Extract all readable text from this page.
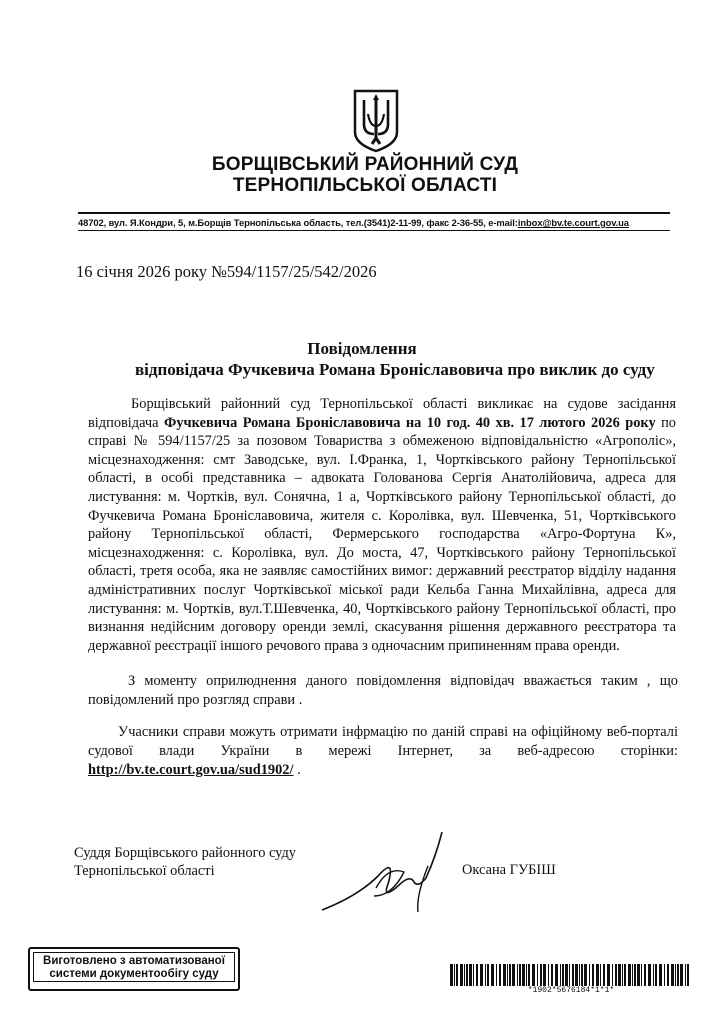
БОРЩІВСЬКИЙ РАЙОННИЙ СУД
ТЕРНОПІЛЬСЬКОЇ ОБЛАСТІ
48702, вул. Я.Кондри, 5, м.Борщів Тернопільська область, тел.(3541)2-11-99, факс 2-36-55, e-mail:inbox@bv.te.court.gov.ua
16 січня 2026 року №594/1157/25/542/2026
Повідомлення
відповідача Фучкевича Романа Броніславовича про виклик до суду

Борщівський районний суд Тернопільської області викликає на судове засідання відповідача Фучкевича Романа Броніславовича на 10 год. 40 хв. 17 лютого 2026 року по справі № 594/1157/25 за позовом Товариства з обмеженою відповідальністю «Агрополіс», місцезнаходження: смт Заводське, вул. І.Франка, 1, Чортківського району Тернопільської області, в особі представника – адвоката Голованова Сергія Анатолійовича, адреса для листування: м. Чортків, вул. Сонячна, 1 а, Чортківського району Тернопільської області, до Фучкевича Романа Броніславовича, жителя с. Королівка, вул. Шевченка, 51, Чортківського району Тернопільської області, Фермерського господарства «Агро-Фортуна К», місцезнаходження: с. Королівка, вул. До моста, 47, Чортківського району Тернопільської області, третя особа, яка не заявляє самостійних вимог: державний реєстратор відділу надання адміністративних послуг Чортківської міської ради Кельба Ганна Михайлівна, адреса для листування: м. Чортків, вул.Т.Шевченка, 40, Чортківського району Тернопільської області, про визнання недійсним договору оренди землі, скасування рішення державного реєстратора та державної реєстрації іншого речового права з одночасним припиненням права оренди.

З моменту оприлюднення даного повідомлення відповідач вважається таким , що повідомлений про розгляд справи .
Учасники справи можуть отримати інфрмацію по даній справі на офіційному веб-порталі судової влади України в мережі Інтернет, за веб-адресою сторінки: http://bv.te.court.gov.ua/sud1902/ .
Суддя Борщівського районного суду
Тернопільської області	Оксана ГУБІШ
Виготовлено з автоматизованої
системи документообігу суду
*1902*5676184*1*1*
